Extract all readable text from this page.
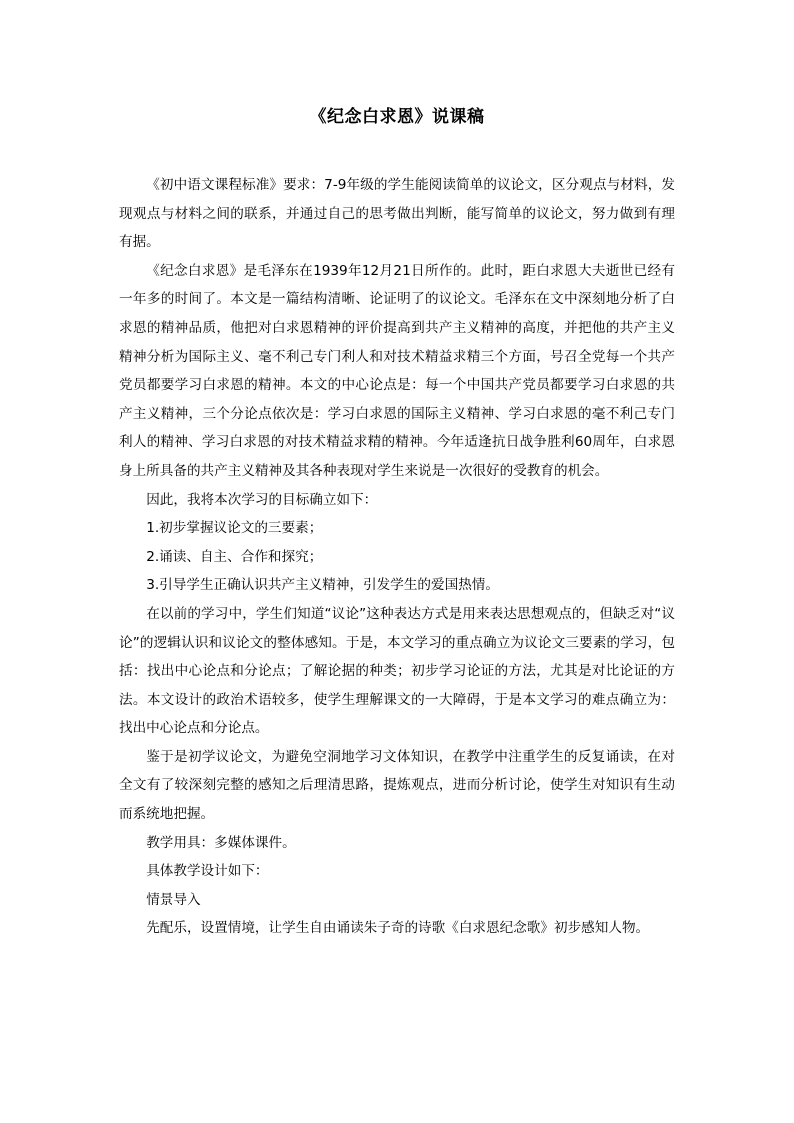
《纪念白求恩》说课稿

《初中语文课程标准》要求：7-9年级的学生能阅读简单的议论文，区分观点与材料，发现观点与材料之间的联系，并通过自己的思考做出判断，能写简单的议论文，努力做到有理有据。

《纪念白求恩》是毛泽东在1939年12月21日所作的。此时，距白求恩大夫逝世已经有一年多的时间了。本文是一篇结构清晰、论证明了的议论文。毛泽东在文中深刻地分析了白求恩的精神品质，他把对白求恩精神的评价提高到共产主义精神的高度，并把他的共产主义精神分析为国际主义、毫不利己专门利人和对技术精益求精三个方面，号召全党每一个共产党员都要学习白求恩的精神。本文的中心论点是：每一个中国共产党员都要学习白求恩的共产主义精神，三个分论点依次是：学习白求恩的国际主义精神、学习白求恩的毫不利己专门利人的精神、学习白求恩的对技术精益求精的精神。今年适逢抗日战争胜利60周年，白求恩身上所具备的共产主义精神及其各种表现对学生来说是一次很好的受教育的机会。

因此，我将本次学习的目标确立如下：

1.初步掌握议论文的三要素；

2.诵读、自主、合作和探究；

3.引导学生正确认识共产主义精神，引发学生的爱国热情。

在以前的学习中，学生们知道“议论”这种表达方式是用来表达思想观点的，但缺乏对“议论”的逻辑认识和议论文的整体感知。于是，本文学习的重点确立为议论文三要素的学习，包括：找出中心论点和分论点；了解论据的种类；初步学习论证的方法，尤其是对比论证的方法。本文设计的政治术语较多，使学生理解课文的一大障碍，于是本文学习的难点确立为：找出中心论点和分论点。

鉴于是初学议论文，为避免空洞地学习文体知识，在教学中注重学生的反复诵读，在对全文有了较深刻完整的感知之后理清思路，提炼观点，进而分析讨论，使学生对知识有生动而系统地把握。

教学用具：多媒体课件。

具体教学设计如下：

情景导入

先配乐，设置情境，让学生自由诵读朱子奇的诗歌《白求恩纪念歌》初步感知人物。
